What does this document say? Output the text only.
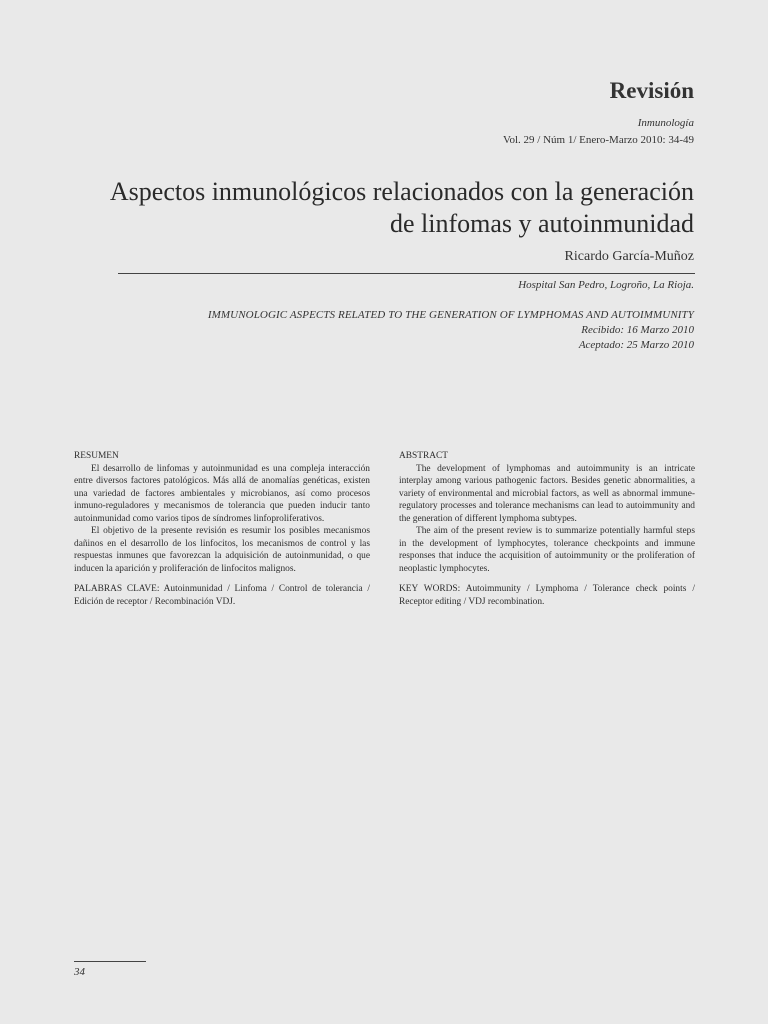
Revisión
Inmunología
Vol. 29 / Núm 1/ Enero-Marzo 2010: 34-49
Aspectos inmunológicos relacionados con la generación
de linfomas y autoinmunidad
Ricardo García-Muñoz
Hospital San Pedro, Logroño, La Rioja.
IMMUNOLOGIC ASPECTS RELATED TO THE GENERATION OF LYMPHOMAS AND AUTOIMMUNITY
Recibido: 16 Marzo 2010
Aceptado: 25 Marzo 2010
RESUMEN

El desarrollo de linfomas y autoinmunidad es una compleja interacción entre diversos factores patológicos. Más allá de anomalías genéticas, existen una variedad de factores ambientales y microbianos, así como procesos inmuno-reguladores y mecanismos de tolerancia que pueden inducir tanto autoinmunidad como varios tipos de síndromes linfoproliferativos.

El objetivo de la presente revisión es resumir los posibles mecanismos dañinos en el desarrollo de los linfocitos, los mecanismos de control y las respuestas inmunes que favorezcan la adquisición de autoinmunidad, o que inducen la aparición y proliferación de linfocitos malignos.

PALABRAS CLAVE: Autoinmunidad / Linfoma / Control de tolerancia / Edición de receptor / Recombinación VDJ.

ABSTRACT

The development of lymphomas and autoimmunity is an intricate interplay among various pathogenic factors. Besides genetic abnormalities, a variety of environmental and microbial factors, as well as abnormal immune-regulatory processes and tolerance mechanisms can lead to autoimmunity and the generation of different lymphoma subtypes.

The aim of the present review is to summarize potentially harmful steps in the development of lymphocytes, tolerance checkpoints and immune responses that induce the acquisition of autoimmunity or the proliferation of neoplastic lymphocytes.

KEY WORDS: Autoimmunity / Lymphoma / Tolerance check points / Receptor editing / VDJ recombination.

34
